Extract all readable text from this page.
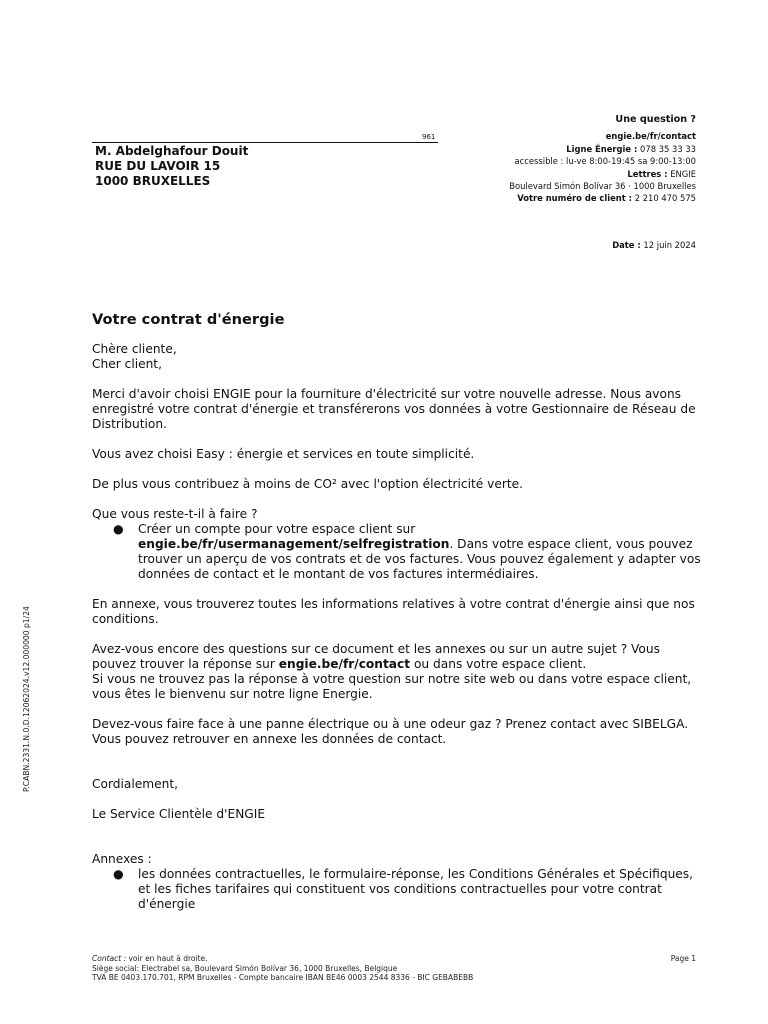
Une question ?
engie.be/fr/contact
Ligne Énergie : 078 35 33 33
accessible : lu-ve 8:00-19:45 sa 9:00-13:00
Lettres : ENGIE
Boulevard Simón Bolívar 36 · 1000 Bruxelles
Votre numéro de client : 2 210 470 575
961
M. Abdelghafour Douit
RUE DU LAVOIR 15
1000 BRUXELLES
Date : 12 juin 2024
Votre contrat d'énergie

Chère cliente,

Cher client,

Merci d'avoir choisi ENGIE pour la fourniture d'électricité sur votre nouvelle adresse. Nous avons enregistré votre contrat d'énergie et transférerons vos données à votre Gestionnaire de Réseau de Distribution.

Vous avez choisi Easy : énergie et services en toute simplicité.

De plus vous contribuez à moins de CO² avec l'option électricité verte.

Que vous reste-t-il à faire ?

●	Créer un compte pour votre espace client sur
engie.be/fr/usermanagement/selfregistration. Dans votre espace client, vous pouvez trouver un aperçu de vos contrats et de vos factures. Vous pouvez également y adapter vos données de contact et le montant de vos factures intermédiaires.

En annexe, vous trouverez toutes les informations relatives à votre contrat d'énergie ainsi que nos conditions.

Avez-vous encore des questions sur ce document et les annexes ou sur un autre sujet ? Vous pouvez trouver la réponse sur engie.be/fr/contact ou dans votre espace client.

Si vous ne trouvez pas la réponse à votre question sur notre site web ou dans votre espace client, vous êtes le bienvenu sur notre ligne Energie.

Devez-vous faire face à une panne électrique ou à une odeur gaz ? Prenez contact avec SIBELGA. Vous pouvez retrouver en annexe les données de contact.

Cordialement,

Le Service Clientèle d'ENGIE

Annexes :

●	les données contractuelles, le formulaire-réponse, les Conditions Générales et Spécifiques, et les fiches tarifaires qui constituent vos conditions contractuelles pour votre contrat d'énergie
P.CABN.2331.N.0.D.12062024.v12.000000 p1/24
Contact : voir en haut à droite.	Page 1
Siège social: Electrabel sa, Boulevard Simón Bolívar 36, 1000 Bruxelles, Belgique
TVA BE 0403.170.701, RPM Bruxelles - Compte bancaire IBAN BE46 0003 2544 8336 - BIC GEBABEBB
